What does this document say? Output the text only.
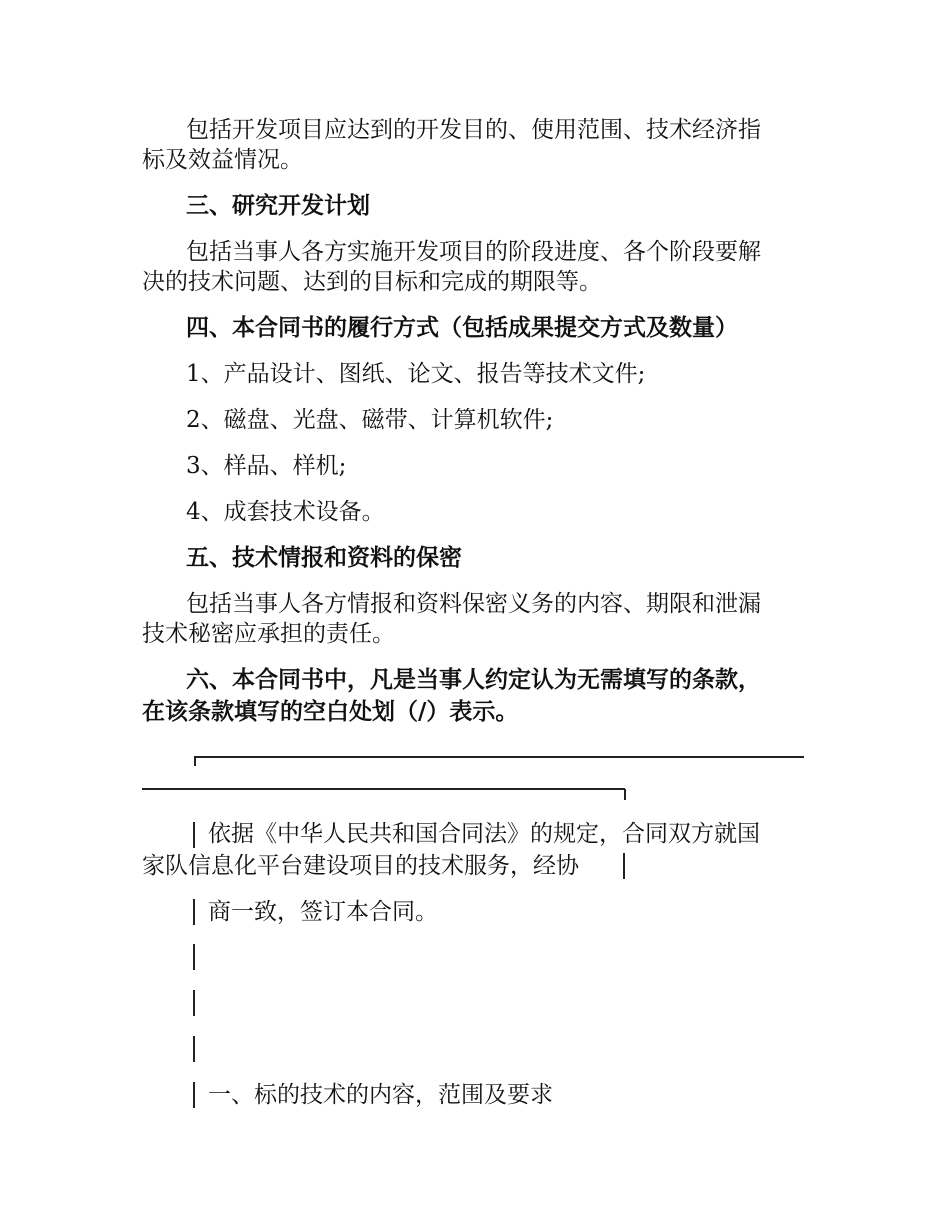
包括开发项目应达到的开发目的、使用范围、技术经济指
标及效益情况。
三、研究开发计划
包括当事人各方实施开发项目的阶段进度、各个阶段要解
决的技术问题、达到的目标和完成的期限等。
四、本合同书的履行方式（包括成果提交方式及数量）
1、产品设计、图纸、论文、报告等技术文件;
2、磁盘、光盘、磁带、计算机软件;
3、样品、样机;
4、成套技术设备。
五、技术情报和资料的保密
包括当事人各方情报和资料保密义务的内容、期限和泄漏
技术秘密应承担的责任。
六、本合同书中，凡是当事人约定认为无需填写的条款，
在该条款填写的空白处划（/）表示。
依据《中华人民共和国合同法》的规定，合同双方就国
家队信息化平台建设项目的技术服务，经协
商一致，签订本合同。
一、标的技术的内容，范围及要求
